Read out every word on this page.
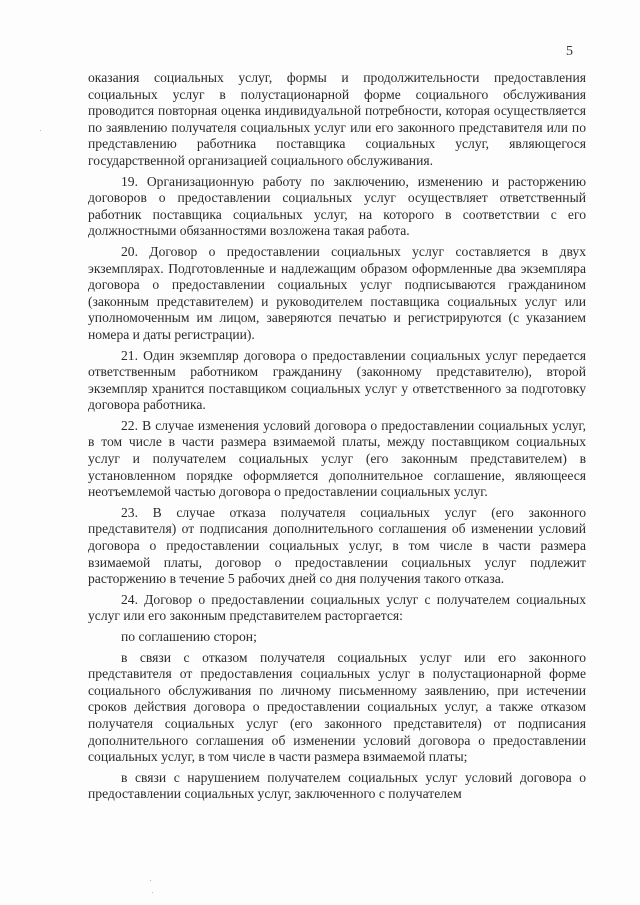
5

оказания социальных услуг, формы и продолжительности предоставления социальных услуг в полустационарной форме социального обслуживания проводится повторная оценка индивидуальной потребности, которая осуществляется по заявлению получателя социальных услуг или его законного представителя или по представлению работника поставщика социальных услуг, являющегося государственной организацией социального обслуживания.

19. Организационную работу по заключению, изменению и расторжению договоров о предоставлении социальных услуг осуществляет ответственный работник поставщика социальных услуг, на которого в соответствии с его должностными обязанностями возложена такая работа.

20. Договор о предоставлении социальных услуг составляется в двух экземплярах. Подготовленные и надлежащим образом оформленные два экземпляра договора о предоставлении социальных услуг подписываются гражданином (законным представителем) и руководителем поставщика социальных услуг или уполномоченным им лицом, заверяются печатью и регистрируются (с указанием номера и даты регистрации).

21. Один экземпляр договора о предоставлении социальных услуг передается ответственным работником гражданину (законному представителю), второй экземпляр хранится поставщиком социальных услуг у ответственного за подготовку договора работника.

22. В случае изменения условий договора о предоставлении социальных услуг, в том числе в части размера взимаемой платы, между поставщиком социальных услуг и получателем социальных услуг (его законным представителем) в установленном порядке оформляется дополнительное соглашение, являющееся неотъемлемой частью договора о предоставлении социальных услуг.

23. В случае отказа получателя социальных услуг (его законного представителя) от подписания дополнительного соглашения об изменении условий договора о предоставлении социальных услуг, в том числе в части размера взимаемой платы, договор о предоставлении социальных услуг подлежит расторжению в течение 5 рабочих дней со дня получения такого отказа.

24. Договор о предоставлении социальных услуг с получателем социальных услуг или его законным представителем расторгается:

по соглашению сторон;

в связи с отказом получателя социальных услуг или его законного представителя от предоставления социальных услуг в полустационарной форме социального обслуживания по личному письменному заявлению, при истечении сроков действия договора о предоставлении социальных услуг, а также отказом получателя социальных услуг (его законного представителя) от подписания дополнительного соглашения об изменении условий договора о предоставлении социальных услуг, в том числе в части размера взимаемой платы;

в связи с нарушением получателем социальных услуг условий договора о предоставлении социальных услуг, заключенного с получателем
